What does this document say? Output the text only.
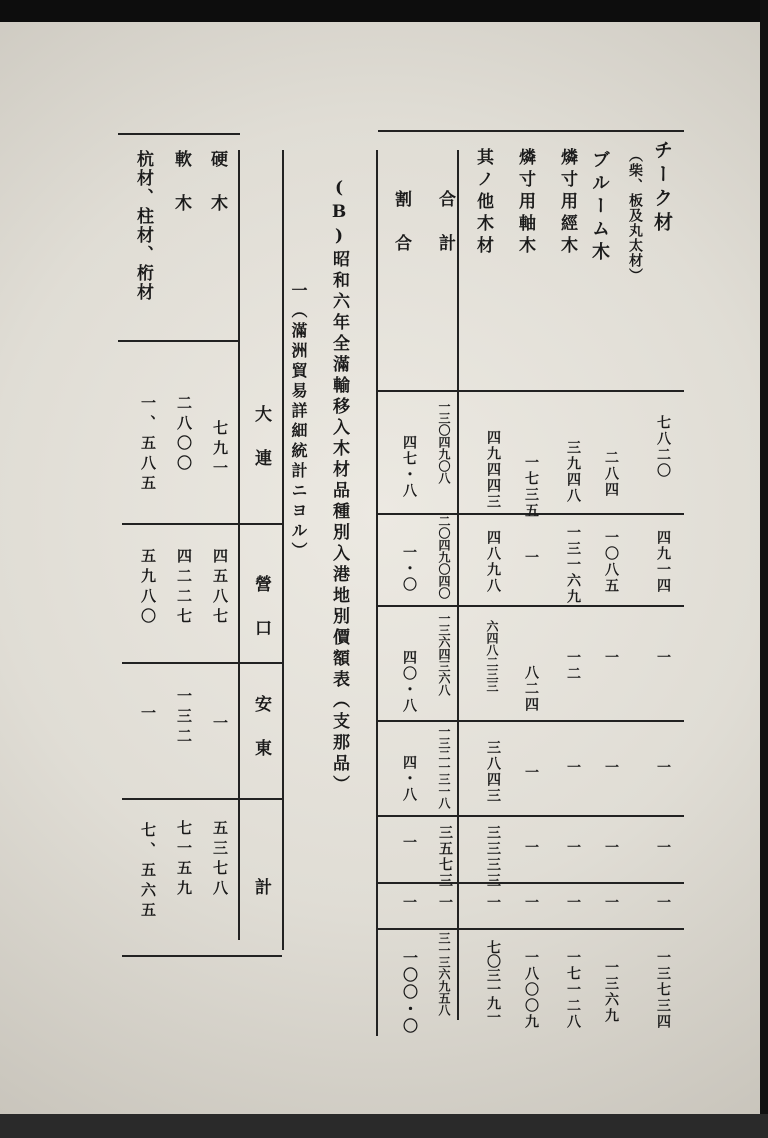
チーク材
（柴、板及丸太材）
ブルーム木
燐寸用經木
燐寸用軸木
其ノ他木材
合　計
割　合
七八二〇
四九一四
一
一
一
一
一三七三四
二八四
一〇八五
一
一
一
一
一三六九
三九四八
一三一六九
一二
一
一
一
一七一二八
一七三五
一
八二四
一
一
一
一八〇〇九
四九四四三
四八九八
六四八二三三
三八四三
三三三三
一
七〇三一九一
一三〇四九〇八
二〇四九〇四〇
一三六四三六八
一三二一三一八
三五七三
一
三一三六九五八
四七・八
一・〇
四〇・八
四・八
一
一
一〇〇・〇
(B)昭和六年全滿輸移入木材品種別入港地別價額表（支那品）
一（滿洲貿易詳細統計ニヨル）
大　連
營　口
安　東
計
硬　木
軟　木
杭材、柱材、桁材
七九一
四五八七
一
五三七八
二八〇〇
四二二七
一三二
七一五九
一、五八五
五九八〇
一
七、五六五
